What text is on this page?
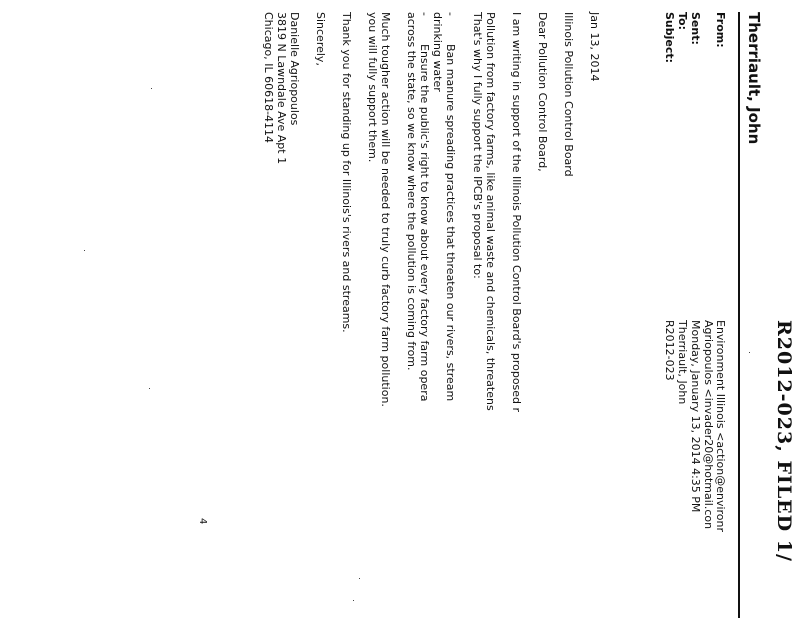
R2012-023, FILED 1/
Therriault, John
From:
Environment Illinois <action@environr
Agriopoulos <invader20@hotmail.con
Sent:
Monday, January 13, 2014 4:35 PM
To:
Therriault, John
Subject:
R2012-023
Jan 13, 2014
Illinois Pollution Control Board
Dear Pollution Control Board,
I am writing in support of the Illinois Pollution Control Board's proposed r
Pollution from factory farms, like animal waste and chemicals, threatens
That's why I fully support the IPCB's proposal to:
-
Ban manure spreading practices that threaten our rivers, stream
drinking water
-
Ensure the public's right to know about every factory farm opera
across the state, so we know where the pollution is coming from.
Much tougher action will be needed to truly curb factory farm pollution.
you will fully support them.
Thank you for standing up for Illinois's rivers and streams.
Sincerely,
Danielle Agriopoulos
3819 N Lawndale Ave Apt 1
Chicago, IL 60618-4114
4
